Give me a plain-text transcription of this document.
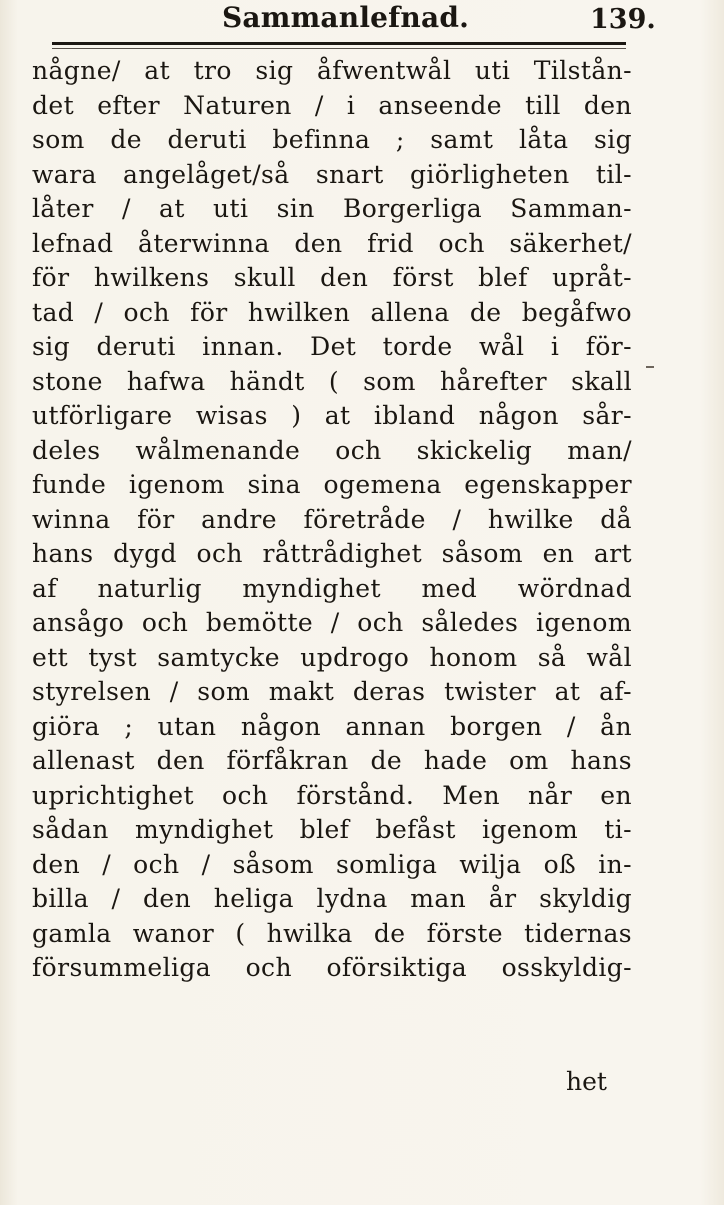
Sammanlefnad.	139.
någne/ at tro sig åfwentwål uti Tilstån-
det efter Naturen / i anseende till den
som de deruti befinna ; samt låta sig
wara angelåget/så snart giörligheten til-
låter / at uti sin Borgerliga Samman-
lefnad återwinna den frid och säkerhet/
för hwilkens skull den först blef upråt-
tad / och för hwilken allena de begåfwo
sig deruti innan. Det torde wål i för-
stone hafwa händt ( som hårefter skall
utförligare wisas ) at ibland någon sår-
deles wålmenande och skickelig man/
funde igenom sina ogemena egenskapper
winna för andre företråde / hwilke då
hans dygd och råttrådighet såsom en art
af naturlig myndighet med wördnad
ansågo och bemötte / och således igenom
ett tyst samtycke updrogo honom så wål
styrelsen / som makt deras twister at af-
giöra ; utan någon annan borgen / ån
allenast den förfåkran de hade om hans
uprichtighet och förstånd. Men når en
sådan myndighet blef befåst igenom ti-
den / och / såsom somliga wilja oß in-
billa / den heliga lydna man år skyldig
gamla wanor ( hwilka de förste tidernas
försummeliga och oförsiktiga osskyldig-
het
